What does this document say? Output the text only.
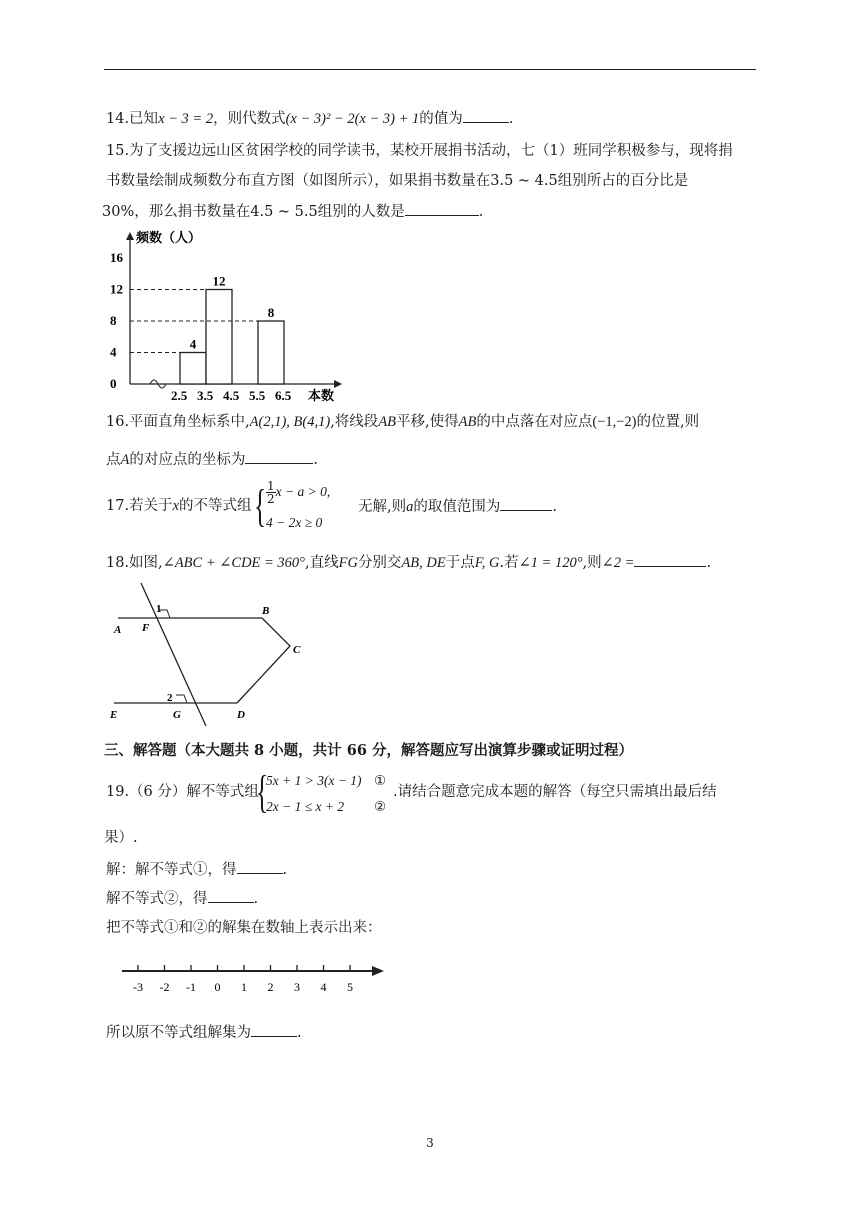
14.已知x − 3 = 2，则代数式(x − 3)² − 2(x − 3) + 1的值为	.
15.为了支援边远山区贫困学校的同学读书，某校开展捐书活动，七（1）班同学积极参与，现将捐
书数量绘制成频数分布直方图（如图所示），如果捐书数量在3.5 ~ 4.5组别所占的百分比是
30%，那么捐书数量在4.5 ~ 5.5组别的人数是	.
频数（人）
本数
0
4
8
12
16
2.5 3.5 4.5 5.5 6.5
4
12
8
16.平面直角坐标系中,A(2,1), B(4,1),将线段AB平移,使得AB的中点落在对应点(−1,−2)的位置,则
点A的对应点的坐标为	.
17.若关于x的不等式组 { $\frac{1}{2}$ x − a > 0,
4 − 2x ≥ 0
无解,则a的取值范围为	.
18.如图,∠ABC + ∠CDE = 360°,直线FG分别交AB, DE于点F, G.若∠1 = 120°,则∠2 =	.
A F
1	B
C
2
E	G	D
三、解答题（本大题共 8 小题，共计 66 分，解答题应写出演算步骤或证明过程）
19.（6 分）解不等式组
{
5x + 1 > 3(x − 1)
2x − 1 ≤ x + 2
①
②
.请结合题意完成本题的解答（每空只需填出最后结
果）.
解：解不等式①，得	.
解不等式②，得	.
把不等式①和②的解集在数轴上表示出来：
-3 -2 -1 0 1 2 3 4 5
所以原不等式组解集为	.
3
